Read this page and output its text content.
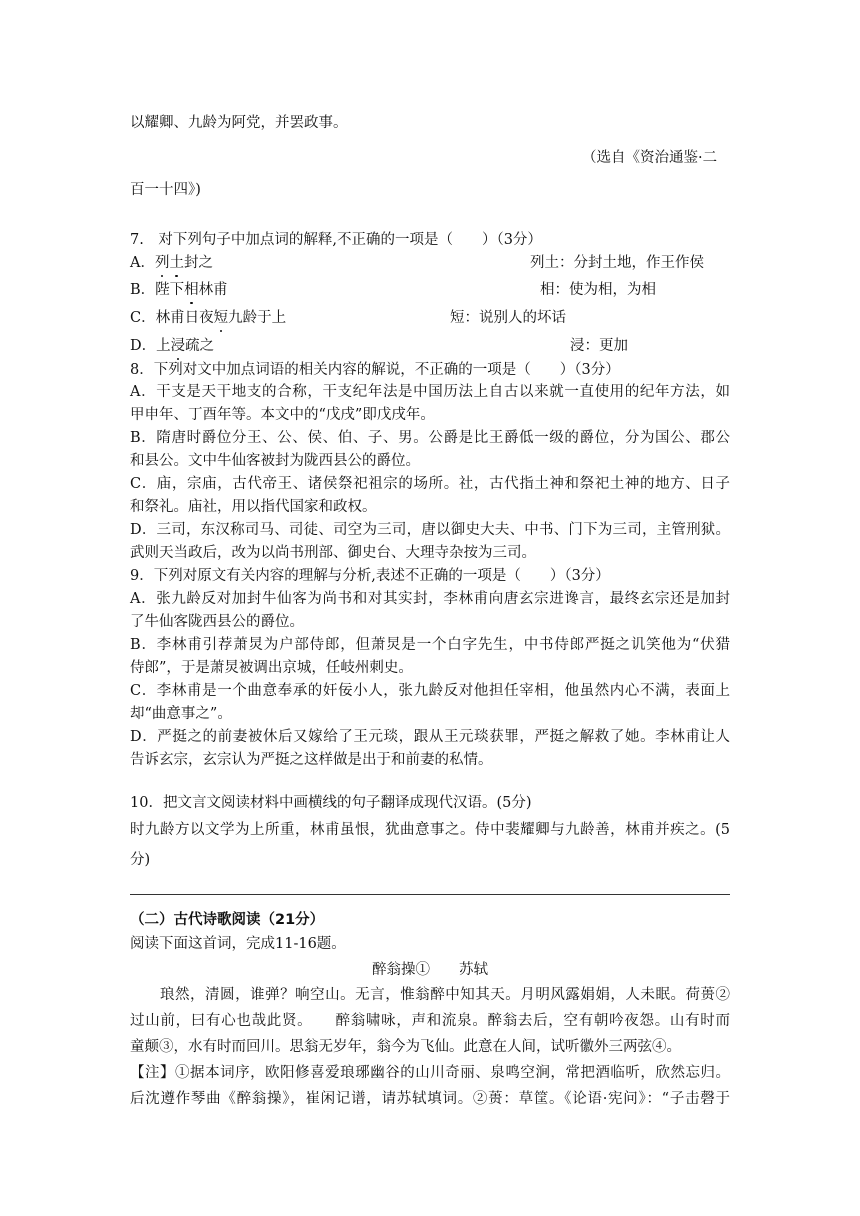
以耀卿、九龄为阿党，并罢政事。
（选自《资治通鉴·二
百一十四》)
7.　对下列句子中加点词的解释,不正确的一项是（　　）（3分）
A．列土封之	列土：分封土地，作王作侯
B．陛下相林甫	相：使为相，为相
C．林甫日夜短九龄于上	短：说别人的坏话
D．上浸疏之	浸：更加
8．下列对文中加点词语的相关内容的解说，不正确的一项是（　　）（3分）
A．干支是天干地支的合称，干支纪年法是中国历法上自古以来就一直使用的纪年方法，如
甲申年、丁酉年等。本文中的“戊戌”即戊戌年。
B．隋唐时爵位分王、公、侯、伯、子、男。公爵是比王爵低一级的爵位，分为国公、郡公
和县公。文中牛仙客被封为陇西县公的爵位。
C．庙，宗庙，古代帝王、诸侯祭祀祖宗的场所。社，古代指土神和祭祀土神的地方、日子
和祭礼。庙社，用以指代国家和政权。
D．三司，东汉称司马、司徒、司空为三司，唐以御史大夫、中书、门下为三司，主管刑狱。
武则天当政后，改为以尚书刑部、御史台、大理寺杂按为三司。
9．下列对原文有关内容的理解与分析,表述不正确的一项是（　　）（3分）
A．张九龄反对加封牛仙客为尚书和对其实封，李林甫向唐玄宗进谗言，最终玄宗还是加封
了牛仙客陇西县公的爵位。
B．李林甫引荐萧炅为户部侍郎，但萧炅是一个白字先生，中书侍郎严挺之讥笑他为“伏猎
侍郎”，于是萧炅被调出京城，任岐州刺史。
C．李林甫是一个曲意奉承的奸佞小人，张九龄反对他担任宰相，他虽然内心不满，表面上
却“曲意事之”。
D．严挺之的前妻被休后又嫁给了王元琰，跟从王元琰获罪，严挺之解救了她。李林甫让人
告诉玄宗，玄宗认为严挺之这样做是出于和前妻的私情。
10．把文言文阅读材料中画横线的句子翻译成现代汉语。(5分)
时九龄方以文学为上所重，林甫虽恨，犹曲意事之。侍中裴耀卿与九龄善，林甫并疾之。(5
分)
（二）古代诗歌阅读（21分）
阅读下面这首词，完成11-16题。
醉翁操①　　苏轼
琅然，清圆，谁弹？响空山。无言，惟翁醉中知其天。月明风露娟娟，人未眠。荷蒉②
过山前，曰有心也哉此贤。　　醉翁啸咏，声和流泉。醉翁去后，空有朝吟夜怨。山有时而
童颠③，水有时而回川。思翁无岁年，翁今为飞仙。此意在人间，试听徽外三两弦④。
【注】①据本词序，欧阳修喜爱琅琊幽谷的山川奇丽、泉鸣空涧，常把酒临听，欣然忘归。
后沈遵作琴曲《醉翁操》，崔闲记谱，请苏轼填词。②蒉：草筐。《论语·宪问》：“子击磬于
